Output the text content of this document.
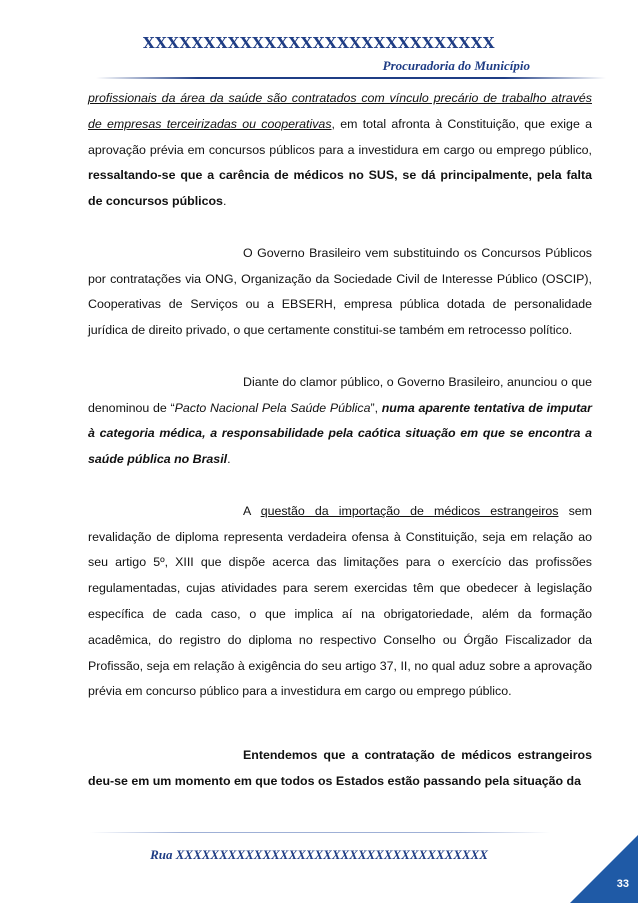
XXXXXXXXXXXXXXXXXXXXXXXXXXXXX
Procuradoria do Município

profissionais da área da saúde são contratados com vínculo precário de trabalho através de empresas terceirizadas ou cooperativas, em total afronta à Constituição, que exige a aprovação prévia em concursos públicos para a investidura em cargo ou emprego público, ressaltando-se que a carência de médicos no SUS, se dá principalmente, pela falta de concursos públicos.

O Governo Brasileiro vem substituindo os Concursos Públicos por contratações via ONG, Organização da Sociedade Civil de Interesse Público (OSCIP), Cooperativas de Serviços ou a EBSERH, empresa pública dotada de personalidade jurídica de direito privado, o que certamente constitui-se também em retrocesso político.

Diante do clamor público, o Governo Brasileiro, anunciou o que denominou de “Pacto Nacional Pela Saúde Pública”, numa aparente tentativa de imputar à categoria médica, a responsabilidade pela caótica situação em que se encontra a saúde pública no Brasil.

A questão da importação de médicos estrangeiros sem revalidação de diploma representa verdadeira ofensa à Constituição, seja em relação ao seu artigo 5º, XIII que dispõe acerca das limitações para o exercício das profissões regulamentadas, cujas atividades para serem exercidas têm que obedecer à legislação específica de cada caso, o que implica aí na obrigatoriedade, além da formação acadêmica, do registro do diploma no respectivo Conselho ou Órgão Fiscalizador da Profissão, seja em relação à exigência do seu artigo 37, II, no qual aduz sobre a aprovação prévia em concurso público para a investidura em cargo ou emprego público.

Entendemos que a contratação de médicos estrangeiros deu-se em um momento em que todos os Estados estão passando pela situação da

Rua XXXXXXXXXXXXXXXXXXXXXXXXXXXXXXXXXXXX
33
